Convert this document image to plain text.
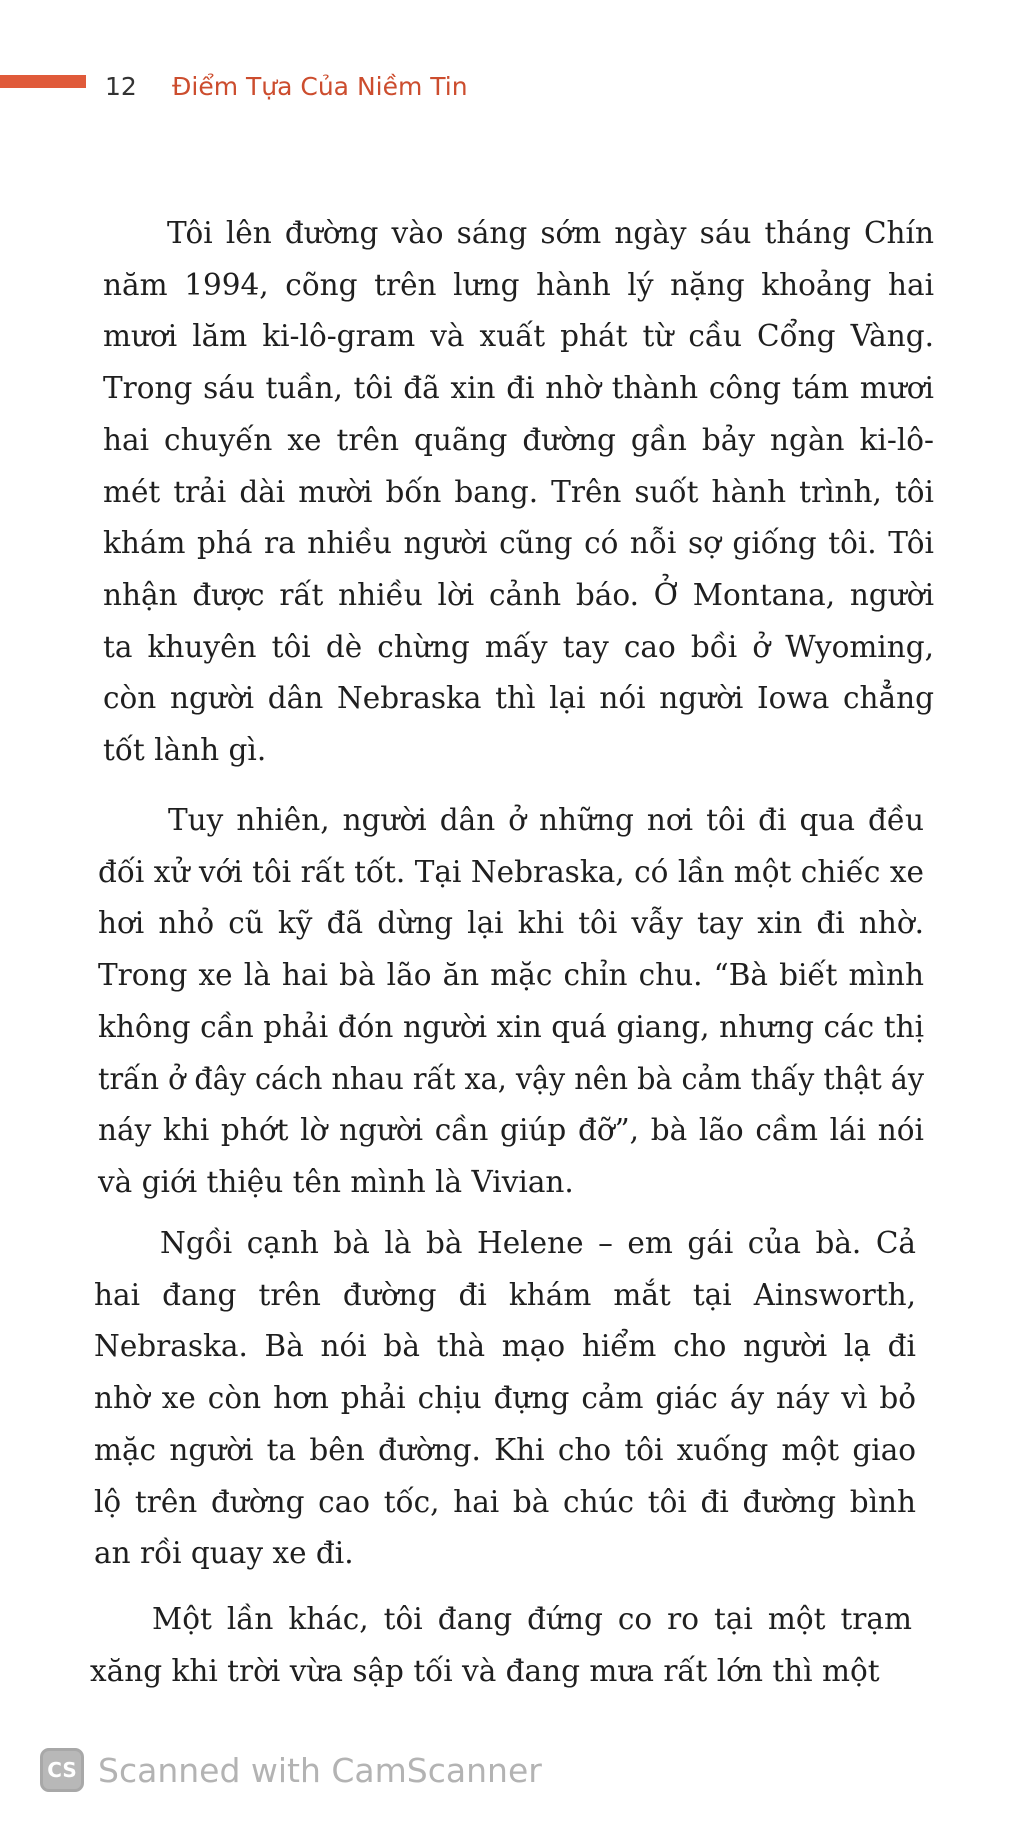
12 Điểm Tựa Của Niềm Tin
Tôi lên đường vào sáng sớm ngày sáu tháng Chín
năm 1994, cõng trên lưng hành lý nặng khoảng hai
mươi lăm ki-lô-gram và xuất phát từ cầu Cổng Vàng.
Trong sáu tuần, tôi đã xin đi nhờ thành công tám mươi
hai chuyến xe trên quãng đường gần bảy ngàn ki-lô-
mét trải dài mười bốn bang. Trên suốt hành trình, tôi
khám phá ra nhiều người cũng có nỗi sợ giống tôi. Tôi
nhận được rất nhiều lời cảnh báo. Ở Montana, người
ta khuyên tôi dè chừng mấy tay cao bồi ở Wyoming,
còn người dân Nebraska thì lại nói người Iowa chẳng
tốt lành gì.
Tuy nhiên, người dân ở những nơi tôi đi qua đều
đối xử với tôi rất tốt. Tại Nebraska, có lần một chiếc xe
hơi nhỏ cũ kỹ đã dừng lại khi tôi vẫy tay xin đi nhờ.
Trong xe là hai bà lão ăn mặc chỉn chu. “Bà biết mình
không cần phải đón người xin quá giang, nhưng các thị
trấn ở đây cách nhau rất xa, vậy nên bà cảm thấy thật áy
náy khi phớt lờ người cần giúp đỡ”, bà lão cầm lái nói
và giới thiệu tên mình là Vivian.
Ngồi cạnh bà là bà Helene – em gái của bà. Cả
hai đang trên đường đi khám mắt tại Ainsworth,
Nebraska. Bà nói bà thà mạo hiểm cho người lạ đi
nhờ xe còn hơn phải chịu đựng cảm giác áy náy vì bỏ
mặc người ta bên đường. Khi cho tôi xuống một giao
lộ trên đường cao tốc, hai bà chúc tôi đi đường bình
an rồi quay xe đi.
Một lần khác, tôi đang đứng co ro tại một trạm
xăng khi trời vừa sập tối và đang mưa rất lớn thì một
CS Scanned with CamScanner
